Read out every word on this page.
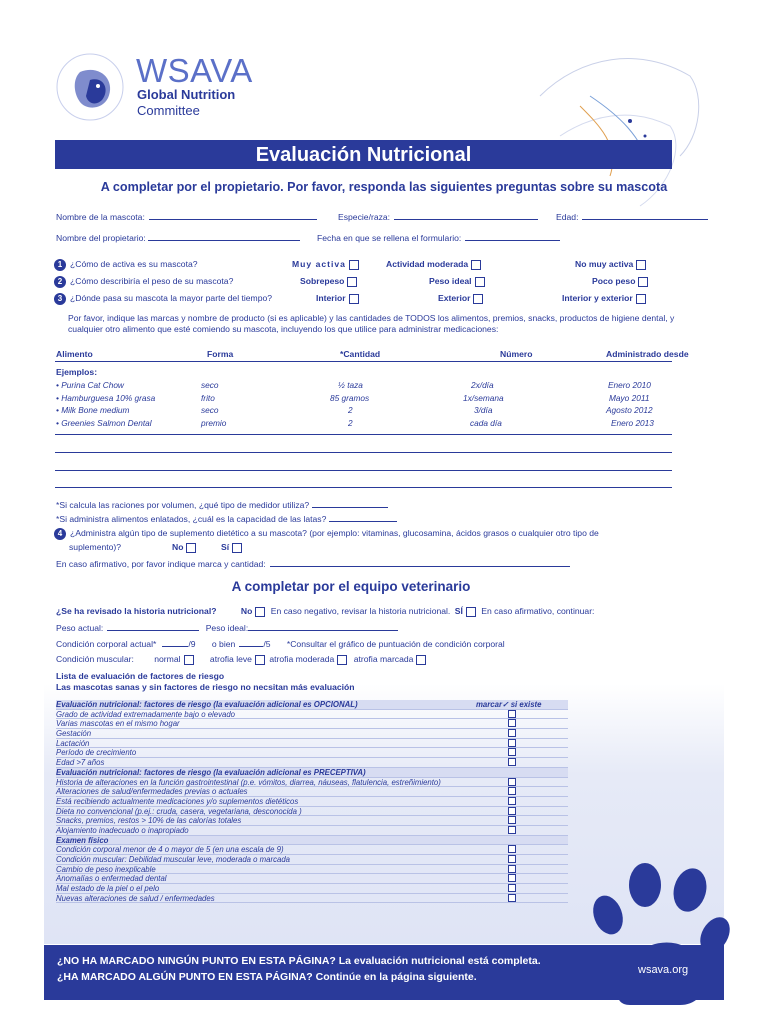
WSAVA
Global Nutrition
Committee
Evaluación Nutricional
A completar por el propietario. Por favor, responda las siguientes preguntas sobre su mascota
Nombre de la mascota:	Especie/raza:	Edad:
Nombre del propietario:	Fecha en que se rellena el formulario:
1 ¿Cómo de activa es su mascota?	Muy activa	Actividad moderada	No muy activa
2 ¿Cómo describiría el peso de su mascota?	Sobrepeso	Peso ideal	Poco peso
3 ¿Dónde pasa su mascota la mayor parte del tiempo?	Interior	Exterior	Interior y exterior
Por favor, indique las marcas y nombre de producto (si es aplicable) y las cantidades de TODOS los alimentos, premios, snacks, productos de higiene dental, y cualquier otro alimento que esté comiendo su mascota, incluyendo los que utilice para administrar medicaciones:
Alimento	Forma	*Cantidad	Número	Administrado desde
Ejemplos:
• Purina Cat Chow	seco	½ taza	2x/día	Enero 2010
• Hamburguesa 10% grasa	frito	85 gramos	1x/semana	Mayo 2011
• Milk Bone medium	seco	2	3/día	Agosto 2012
• Greenies Salmon Dental	premio	2	cada día	Enero 2013
*Si calcula las raciones por volumen, ¿qué tipo de medidor utiliza?
*Si administra alimentos enlatados, ¿cuál es la capacidad de las latas?
4 ¿Administra algún tipo de suplemento dietético a su mascota? (por ejemplo: vitaminas, glucosamina, ácidos grasos o cualquier otro tipo de
suplemento)?	No	Sí
En caso afirmativo, por favor indique marca y cantidad:
A completar por el equipo veterinario
¿Se ha revisado la historia nutricional?	No En caso negativo, revisar la historia nutricional. SÍ En caso afirmativo, continuar:
Peso actual:	Peso ideal:
Condición corporal actual*	/9 o bien	/5 *Consultar el gráfico de puntuación de condición corporal
Condición muscular: normal	atrofia leve atrofia moderada atrofia marcada
Lista de evaluación de factores de riesgo
Las mascotas sanas y sin factores de riesgo no necsitan más evaluación
Evaluación nutricional: factores de riesgo (la evaluación adicional es OPCIONAL)	marcar✓ si existe
Grado de actividad extremadamente bajo o elevado
Varias mascotas en el mismo hogar
Gestación
Lactación
Período de crecimiento
Edad >7 años
Evaluación nutricional: factores de riesgo (la evaluación adicional es PRECEPTIVA)
Historia de alteraciones en la función gastrointestinal (p.e. vómitos, diarrea, náuseas, flatulencia, estreñimiento)
Alteraciones de salud/enfermedades previas o actuales
Está recibiendo actualmente medicaciones y/o suplementos dietéticos
Dieta no convencional (p.ej.: cruda, casera, vegetariana, desconocida )
Snacks, premios, restos > 10% de las calorías totales
Alojamiento inadecuado o inapropiado
Examen físico
Condición corporal menor de 4 o mayor de 5 (en una escala de 9)
Condición muscular: Debilidad muscular leve, moderada o marcada
Cambio de peso inexplicable
Anomalías o enfermedad dental
Mal estado de la piel o el pelo
Nuevas alteraciones de salud / enfermedades
¿NO HA MARCADO NINGÚN PUNTO EN ESTA PÁGINA? La evaluación nutricional está completa.
¿HA MARCADO ALGÚN PUNTO EN ESTA PÁGINA? Continúe en la página siguiente.
wsava.org
